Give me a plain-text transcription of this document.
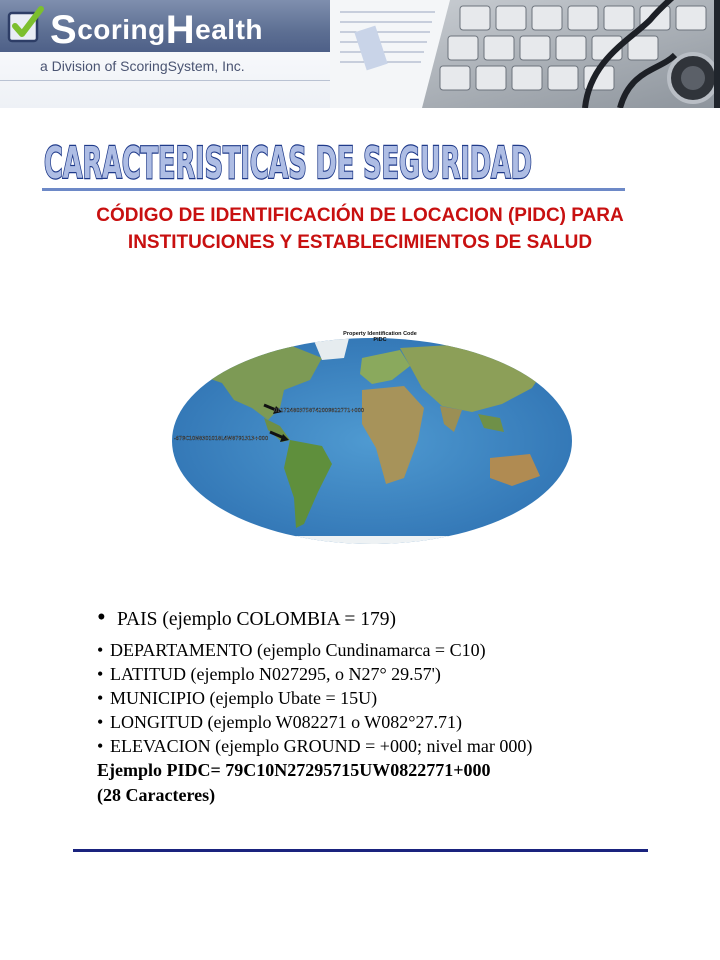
ScoringHealth
a Division of ScoringSystem, Inc.
CARACTERISTICAS DE SEGURIDAD
CÓDIGO DE IDENTIFICACIÓN DE LOCACION (PIDC) PARA INSTITUCIONES Y ESTABLECIMIENTOS DE SALUD
011724803758742009822771+000
-679C10N8301018L4W8791313+000
Property Identification Code
PIDC
• PAIS (ejemplo COLOMBIA = 179)
• DEPARTAMENTO (ejemplo Cundinamarca = C10)
• LATITUD (ejemplo N027295, o N27° 29.57')
• MUNICIPIO (ejemplo Ubate = 15U)
• LONGITUD (ejemplo W082271 o W082°27.71)
• ELEVACION (ejemplo GROUND = +000; nivel mar 000)
Ejemplo PIDC= 79C10N27295715UW0822771+000
(28 Caracteres)
